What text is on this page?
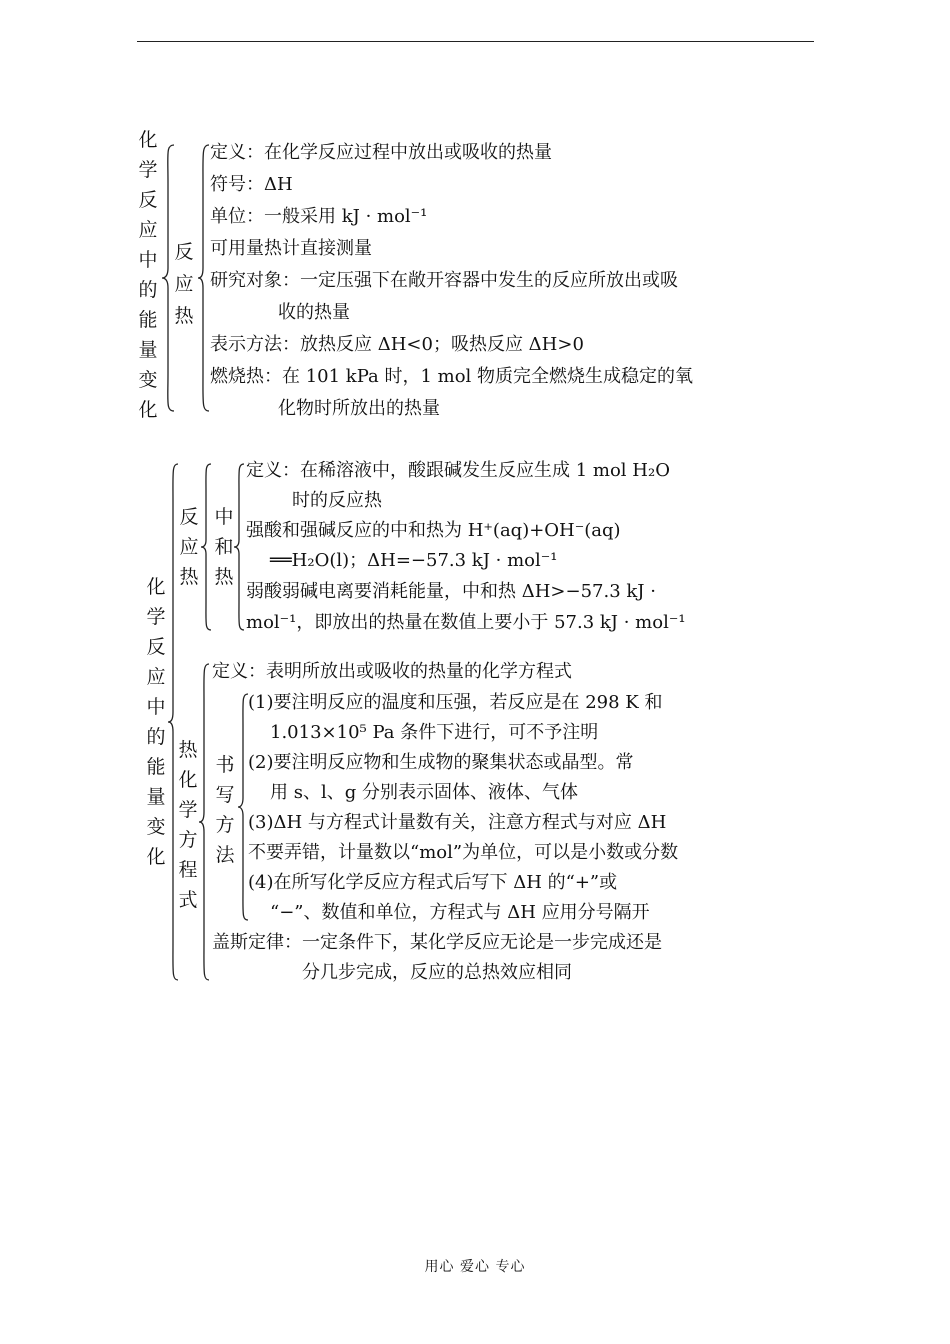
化
学
反
应
中
的
能
量
变
化
反
应
热
定义：在化学反应过程中放出或吸收的热量
符号：ΔH
单位：一般采用 kJ · mol⁻¹
可用量热计直接测量
研究对象：一定压强下在敞开容器中发生的反应所放出或吸
收的热量
表示方法：放热反应 ΔH<0；吸热反应 ΔH>0
燃烧热：在 101 kPa 时，1 mol 物质完全燃烧生成稳定的氧
化物时所放出的热量
化
学
反
应
中
的
能
量
变
化
反
应
热
中
和
热
定义：在稀溶液中，酸跟碱发生反应生成 1 mol H₂O
时的反应热
强酸和强碱反应的中和热为 H⁺(aq)+OH⁻(aq)
══H₂O(l)；ΔH=−57.3 kJ · mol⁻¹
弱酸弱碱电离要消耗能量，中和热 ΔH>−57.3 kJ ·
mol⁻¹，即放出的热量在数值上要小于 57.3 kJ · mol⁻¹
热
化
学
方
程
式
定义：表明所放出或吸收的热量的化学方程式
书
写
方
法
(1)要注明反应的温度和压强，若反应是在 298 K 和
1.013×10⁵ Pa 条件下进行，可不予注明
(2)要注明反应物和生成物的聚集状态或晶型。常
用 s、l、g 分别表示固体、液体、气体
(3)ΔH 与方程式计量数有关，注意方程式与对应 ΔH
不要弄错，计量数以“mol”为单位，可以是小数或分数
(4)在所写化学反应方程式后写下 ΔH 的“+”或
“−”、数值和单位，方程式与 ΔH 应用分号隔开
盖斯定律：一定条件下，某化学反应无论是一步完成还是
分几步完成，反应的总热效应相同
用心 爱心 专心
